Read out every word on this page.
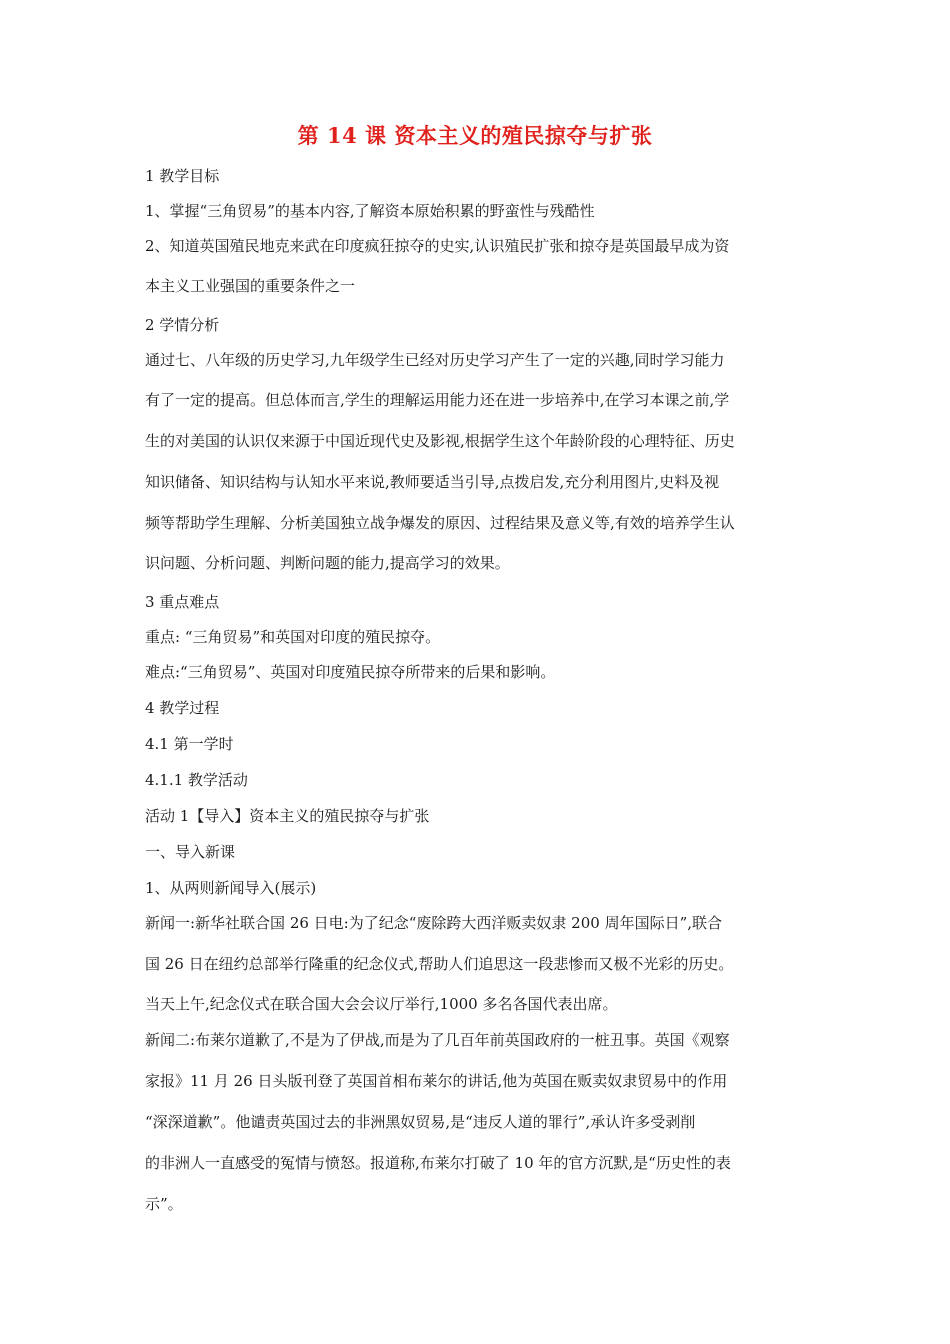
第 14 课 资本主义的殖民掠夺与扩张
1 教学目标
1、掌握“三角贸易”的基本内容,了解资本原始积累的野蛮性与残酷性
2、知道英国殖民地克来武在印度疯狂掠夺的史实,认识殖民扩张和掠夺是英国最早成为资
本主义工业强国的重要条件之一
2 学情分析
通过七、八年级的历史学习,九年级学生已经对历史学习产生了一定的兴趣,同时学习能力
有了一定的提高。但总体而言,学生的理解运用能力还在进一步培养中,在学习本课之前,学
生的对美国的认识仅来源于中国近现代史及影视,根据学生这个年龄阶段的心理特征、历史
知识储备、知识结构与认知水平来说,教师要适当引导,点拨启发,充分利用图片,史料及视
频等帮助学生理解、分析美国独立战争爆发的原因、过程结果及意义等,有效的培养学生认
识问题、分析问题、判断问题的能力,提高学习的效果。
3 重点难点
重点: “三角贸易”和英国对印度的殖民掠夺。
难点:“三角贸易”、英国对印度殖民掠夺所带来的后果和影响。
4 教学过程
4.1 第一学时
4.1.1 教学活动
活动 1【导入】资本主义的殖民掠夺与扩张
一、导入新课
1、从两则新闻导入(展示)
新闻一:新华社联合国 26 日电:为了纪念“废除跨大西洋贩卖奴隶 200 周年国际日”,联合
国 26 日在纽约总部举行隆重的纪念仪式,帮助人们追思这一段悲惨而又极不光彩的历史。
当天上午,纪念仪式在联合国大会会议厅举行,1000 多名各国代表出席。
新闻二:布莱尔道歉了,不是为了伊战,而是为了几百年前英国政府的一桩丑事。英国《观察
家报》11 月 26 日头版刊登了英国首相布莱尔的讲话,他为英国在贩卖奴隶贸易中的作用
“深深道歉”。他谴责英国过去的非洲黑奴贸易,是“违反人道的罪行”,承认许多受剥削
的非洲人一直感受的冤情与愤怒。报道称,布莱尔打破了 10 年的官方沉默,是“历史性的表
示”。
